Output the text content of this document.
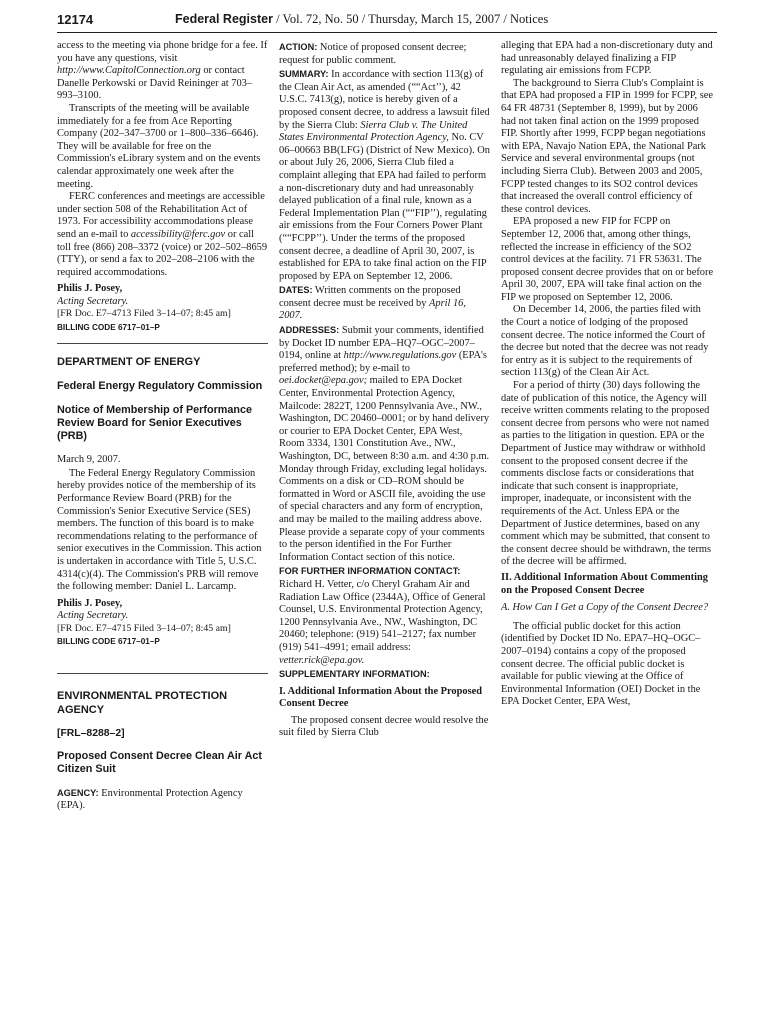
12174	Federal Register / Vol. 72, No. 50 / Thursday, March 15, 2007 / Notices

access to the meeting via phone bridge for a fee. If you have any questions, visit http://www.CapitolConnection.org or contact Danelle Perkowski or David Reininger at 703–993–3100.

Transcripts of the meeting will be available immediately for a fee from Ace Reporting Company (202–347–3700 or 1–800–336–6646). They will be available for free on the Commission's eLibrary system and on the events calendar approximately one week after the meeting.

FERC conferences and meetings are accessible under section 508 of the Rehabilitation Act of 1973. For accessibility accommodations please send an e-mail to accessibility@ferc.gov or call toll free (866) 208–3372 (voice) or 202–502–8659 (TTY), or send a fax to 202–208–2106 with the required accommodations.

Philis J. Posey,

Acting Secretary.

[FR Doc. E7–4713 Filed 3–14–07; 8:45 am]

BILLING CODE 6717–01–P

DEPARTMENT OF ENERGY

Federal Energy Regulatory Commission

Notice of Membership of Performance Review Board for Senior Executives (PRB)

March 9, 2007.

The Federal Energy Regulatory Commission hereby provides notice of the membership of its Performance Review Board (PRB) for the Commission's Senior Executive Service (SES) members. The function of this board is to make recommendations relating to the performance of senior executives in the Commission. This action is undertaken in accordance with Title 5, U.S.C. 4314(c)(4). The Commission's PRB will remove the following member: Daniel L. Larcamp.

Philis J. Posey,

Acting Secretary.

[FR Doc. E7–4715 Filed 3–14–07; 8:45 am]

BILLING CODE 6717–01–P

ENVIRONMENTAL PROTECTION AGENCY

[FRL–8288–2]

Proposed Consent Decree Clean Air Act Citizen Suit

AGENCY: Environmental Protection Agency (EPA).

ACTION: Notice of proposed consent decree; request for public comment.

SUMMARY: In accordance with section 113(g) of the Clean Air Act, as amended (““Act’’), 42 U.S.C. 7413(g), notice is hereby given of a proposed consent decree, to address a lawsuit filed by the Sierra Club: Sierra Club v. The United States Environmental Protection Agency, No. CV 06–00663 BB(LFG) (District of New Mexico). On or about July 26, 2006, Sierra Club filed a complaint alleging that EPA had failed to perform a non-discretionary duty and had unreasonably delayed publication of a final rule, known as a Federal Implementation Plan (““FIP’’), regulating air emissions from the Four Corners Power Plant (““FCPP’’). Under the terms of the proposed consent decree, a deadline of April 30, 2007, is established for EPA to take final action on the FIP proposed by EPA on September 12, 2006.

DATES: Written comments on the proposed consent decree must be received by April 16, 2007.

ADDRESSES: Submit your comments, identified by Docket ID number EPA–HQ7–OGC–2007–0194, online at http://www.regulations.gov (EPA's preferred method); by e-mail to oei.docket@epa.gov; mailed to EPA Docket Center, Environmental Protection Agency, Mailcode: 2822T, 1200 Pennsylvania Ave., NW., Washington, DC 20460–0001; or by hand delivery or courier to EPA Docket Center, EPA West, Room 3334, 1301 Constitution Ave., NW., Washington, DC, between 8:30 a.m. and 4:30 p.m. Monday through Friday, excluding legal holidays. Comments on a disk or CD–ROM should be formatted in Word or ASCII file, avoiding the use of special characters and any form of encryption, and may be mailed to the mailing address above. Please provide a separate copy of your comments to the person identified in the For Further Information Contact section of this notice.

FOR FURTHER INFORMATION CONTACT: Richard H. Vetter, c/o Cheryl Graham Air and Radiation Law Office (2344A), Office of General Counsel, U.S. Environmental Protection Agency, 1200 Pennsylvania Ave., NW., Washington, DC 20460; telephone: (919) 541–2127; fax number (919) 541–4991; email address: vetter.rick@epa.gov.

SUPPLEMENTARY INFORMATION:

I. Additional Information About the Proposed Consent Decree

The proposed consent decree would resolve the suit filed by Sierra Club

alleging that EPA had a non-discretionary duty and had unreasonably delayed finalizing a FIP regulating air emissions from FCPP.

The background to Sierra Club's Complaint is that EPA had proposed a FIP in 1999 for FCPP, see 64 FR 48731 (September 8, 1999), but by 2006 had not taken final action on the 1999 proposed FIP. Shortly after 1999, FCPP began negotiations with EPA, Navajo Nation EPA, the National Park Service and several environmental groups (not including Sierra Club). Between 2003 and 2005, FCPP tested changes to its SO2 control devices that increased the overall control efficiency of these control devices.

EPA proposed a new FIP for FCPP on September 12, 2006 that, among other things, reflected the increase in efficiency of the SO2 control devices at the facility. 71 FR 53631. The proposed consent decree provides that on or before April 30, 2007, EPA will take final action on the FIP we proposed on September 12, 2006.

On December 14, 2006, the parties filed with the Court a notice of lodging of the proposed consent decree. The notice informed the Court of the decree but noted that the decree was not ready for entry as it is subject to the requirements of section 113(g) of the Clean Air Act.

For a period of thirty (30) days following the date of publication of this notice, the Agency will receive written comments relating to the proposed consent decree from persons who were not named as parties to the litigation in question. EPA or the Department of Justice may withdraw or withhold consent to the proposed consent decree if the comments disclose facts or considerations that indicate that such consent is inappropriate, improper, inadequate, or inconsistent with the requirements of the Act. Unless EPA or the Department of Justice determines, based on any comment which may be submitted, that consent to the consent decree should be withdrawn, the terms of the decree will be affirmed.

II. Additional Information About Commenting on the Proposed Consent Decree

A. How Can I Get a Copy of the Consent Decree?

The official public docket for this action (identified by Docket ID No. EPA7–HQ–OGC–2007–0194) contains a copy of the proposed consent decree. The official public docket is available for public viewing at the Office of Environmental Information (OEI) Docket in the EPA Docket Center, EPA West,
